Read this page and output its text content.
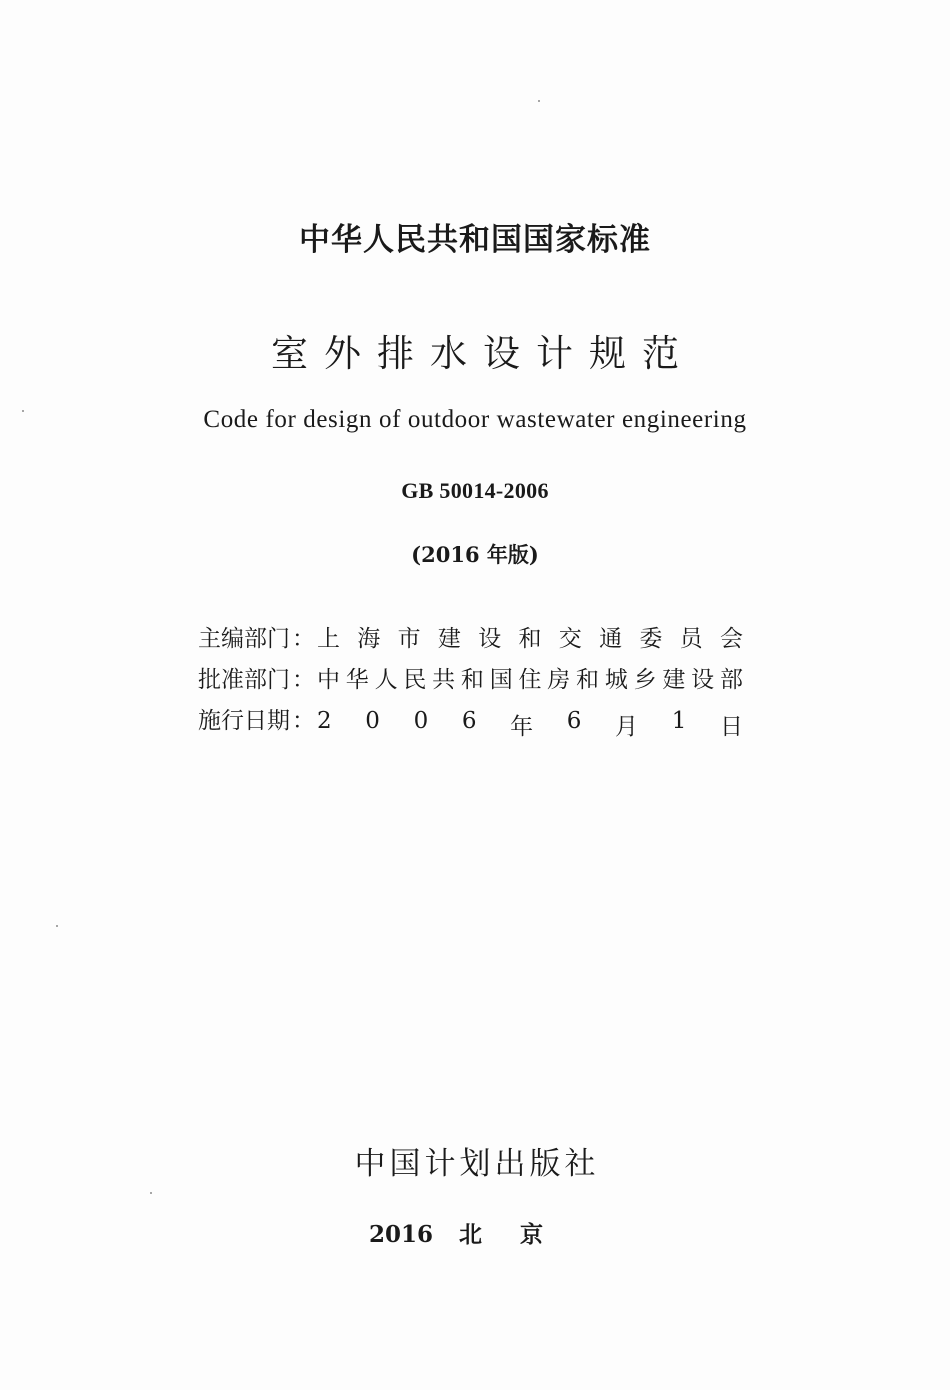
中华人民共和国国家标准
室外排水设计规范
Code for design of outdoor wastewater engineering
GB 50014-2006
(2016 年版)
主编部门 ： 上 海 市 建 设 和 交 通 委 员 会
批准部门 ： 中 华 人 民 共 和 国 住 房 和 城 乡 建 设 部
施行日期 ： 2 0 0 6 年 6 月 1 日
中国计划出版社
2016 北京
